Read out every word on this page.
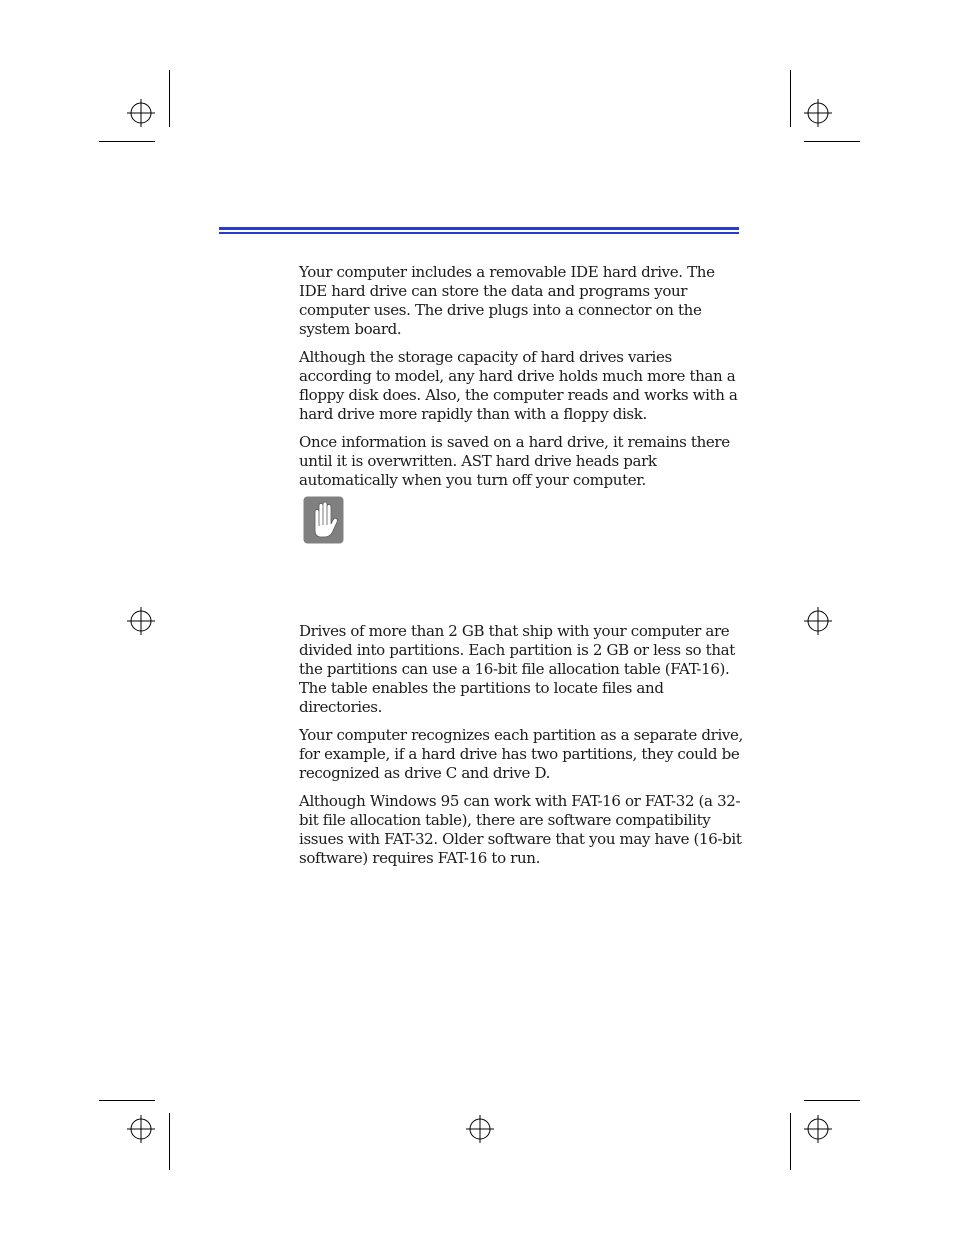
Your computer includes a removable IDE hard drive. The IDE hard drive can store the data and programs your computer uses. The drive plugs into a connector on the system board.

Although the storage capacity of hard drives varies according to model, any hard drive holds much more than a floppy disk does. Also, the computer reads and works with a hard drive more rapidly than with a floppy disk.

Once information is saved on a hard drive, it remains there until it is overwritten. AST hard drive heads park automatically when you turn off your computer.

Drives of more than 2 GB that ship with your computer are divided into partitions. Each partition is 2 GB or less so that the partitions can use a 16-bit file allocation table (FAT-16). The table enables the partitions to locate files and directories.

Your computer recognizes each partition as a separate drive, for example, if a hard drive has two partitions, they could be recognized as drive C and drive D.

Although Windows 95 can work with FAT-16 or FAT-32 (a 32-bit file allocation table), there are software compatibility issues with FAT-32. Older software that you may have (16-bit software) requires FAT-16 to run.
